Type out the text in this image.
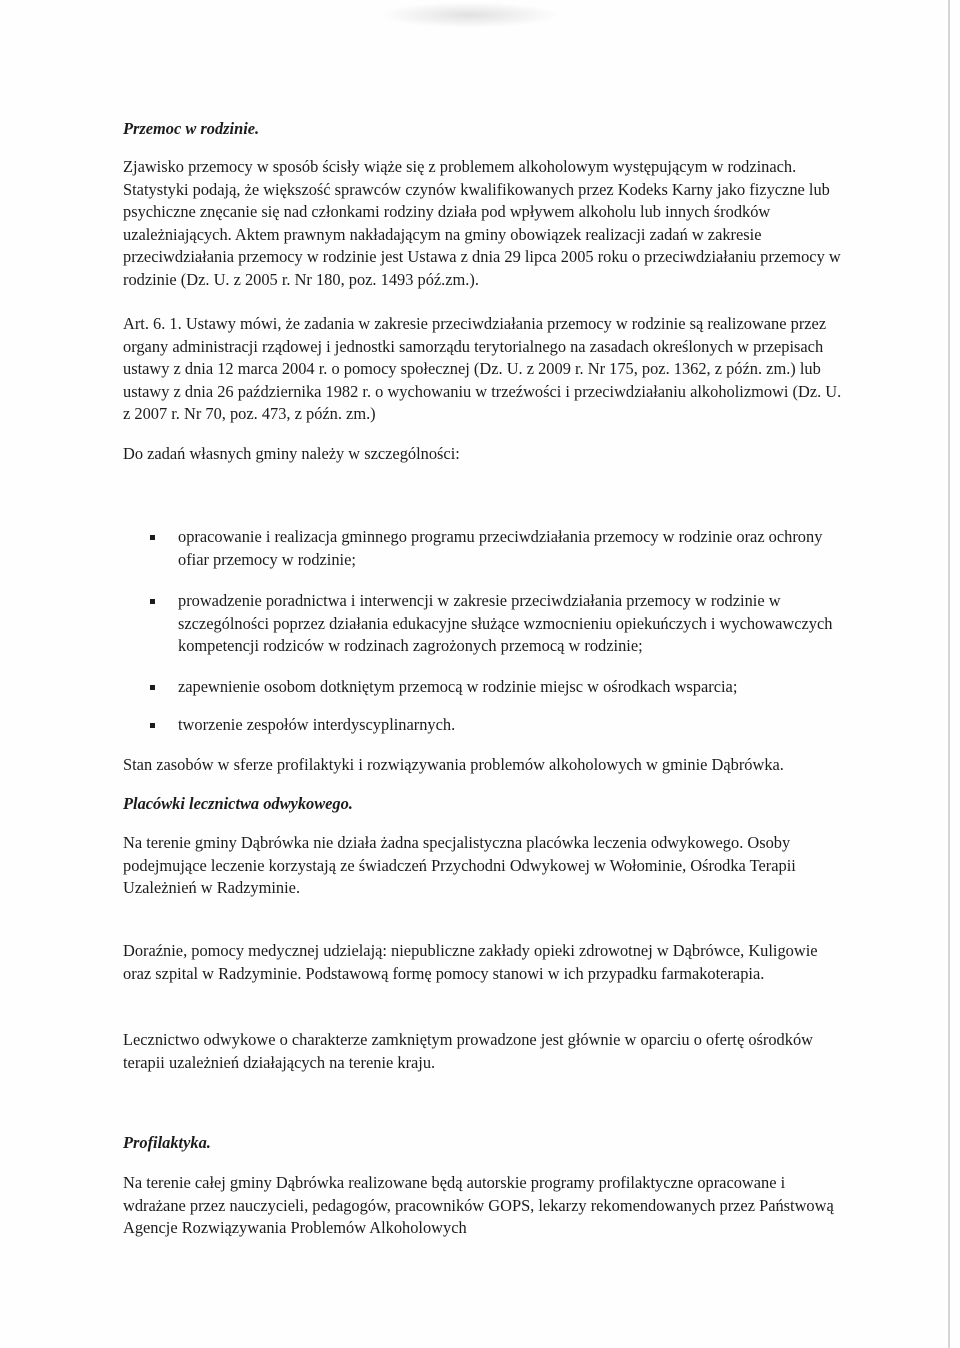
Przemoc w rodzinie.

Zjawisko przemocy w sposób ścisły wiąże się z problemem alkoholowym występującym w rodzinach. Statystyki podają, że większość sprawców czynów kwalifikowanych przez Kodeks Karny jako fizyczne lub psychiczne znęcanie się nad członkami rodziny działa pod wpływem alkoholu lub innych środków uzależniających. Aktem prawnym nakładającym na gminy obowiązek realizacji zadań w zakresie przeciwdziałania przemocy w rodzinie jest Ustawa z dnia 29 lipca 2005 roku o przeciwdziałaniu przemocy w rodzinie (Dz. U. z 2005 r. Nr 180, poz. 1493 póź.zm.).

Art. 6. 1. Ustawy mówi, że zadania w zakresie przeciwdziałania przemocy w rodzinie są realizowane przez organy administracji rządowej i jednostki samorządu terytorialnego na zasadach określonych w przepisach ustawy z dnia 12 marca 2004 r. o pomocy społecznej (Dz. U. z 2009 r. Nr 175, poz. 1362, z późn. zm.) lub ustawy z dnia 26 października 1982 r. o wychowaniu w trzeźwości i przeciwdziałaniu alkoholizmowi (Dz. U. z 2007 r. Nr 70, poz. 473, z późn. zm.)

Do zadań własnych gminy należy w szczególności:

opracowanie i realizacja gminnego programu przeciwdziałania przemocy w rodzinie oraz ochrony ofiar przemocy w rodzinie;
prowadzenie poradnictwa i interwencji w zakresie przeciwdziałania przemocy w rodzinie w szczególności poprzez działania edukacyjne służące wzmocnieniu opiekuńczych i wychowawczych kompetencji rodziców w rodzinach zagrożonych przemocą w rodzinie;
zapewnienie osobom dotkniętym przemocą w rodzinie miejsc w ośrodkach wsparcia;
tworzenie zespołów interdyscyplinarnych.

Stan zasobów w sferze profilaktyki i rozwiązywania problemów alkoholowych w gminie Dąbrówka.

Placówki lecznictwa odwykowego.

Na terenie gminy Dąbrówka nie działa żadna specjalistyczna placówka leczenia odwykowego. Osoby podejmujące leczenie korzystają ze świadczeń Przychodni Odwykowej w Wołominie, Ośrodka Terapii Uzależnień w Radzyminie.

Doraźnie, pomocy medycznej udzielają: niepubliczne zakłady opieki zdrowotnej w Dąbrówce, Kuligowie oraz szpital w Radzyminie. Podstawową formę pomocy stanowi w ich przypadku farmakoterapia.

Lecznictwo odwykowe o charakterze zamkniętym prowadzone jest głównie w oparciu o ofertę ośrodków terapii uzależnień działających na terenie kraju.

Profilaktyka.

Na terenie całej gminy Dąbrówka realizowane będą autorskie programy profilaktyczne opracowane i wdrażane przez nauczycieli, pedagogów, pracowników GOPS, lekarzy rekomendowanych przez Państwową Agencje Rozwiązywania Problemów Alkoholowych
